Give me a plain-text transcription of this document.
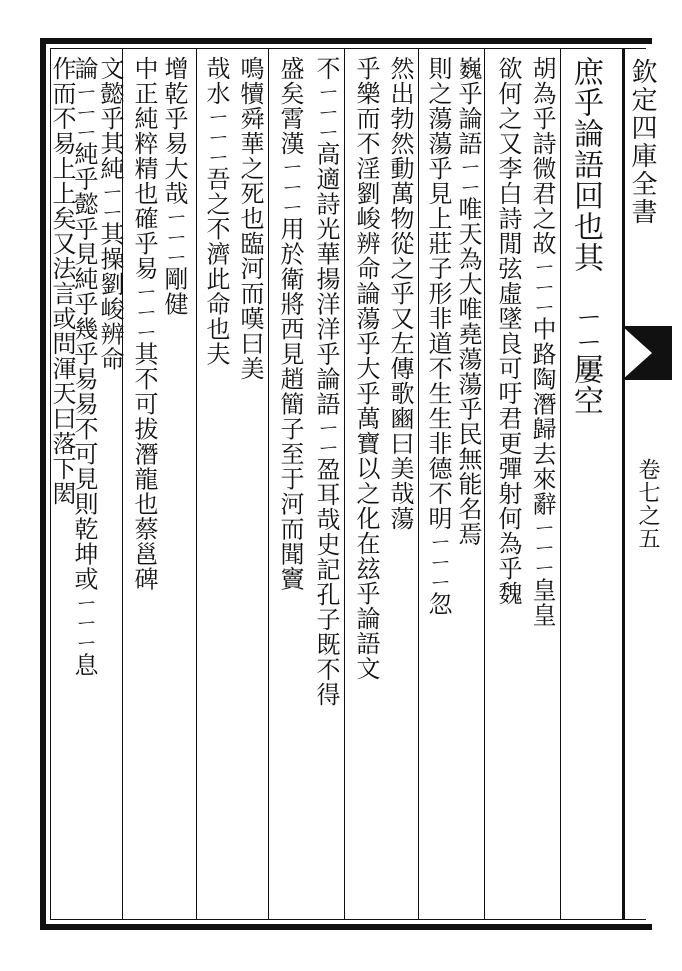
庶乎論語回也其　ㄧㄧ屢空
胡為乎詩微君之故ㄧㄧㄧ中路陶潛歸去來辭ㄧㄧㄧ皇皇
欲何之又李白詩閒弦虛墜良可吁君更彈射何為乎魏
巍乎論語ㄧㄧ唯天為大唯堯蕩蕩乎民無能名焉
則之蕩蕩乎見上莊子形非道不生生非德不明ㄧㄧㄧ忽
然出勃然動萬物從之乎又左傳歌豳曰美哉蕩
乎樂而不淫劉峻辨命論蕩乎大乎萬寶以之化在玆乎論語文
不ㄧㄧㄧ高適詩光華揚洋洋乎論語ㄧㄧ盈耳哉史記孔子既不得
盛矣霄漢ㄧㄧㄧ用於衛將西見趙簡子至于河而聞竇
鳴犢舜華之死也臨河而嘆曰美
哉水ㄧㄧㄧ吾之不濟此命也夫
增乾乎易大哉ㄧㄧㄧ剛健
中正純粹精也確乎易ㄧㄧㄧ其不可拔潛龍也蔡邕碑
文懿乎其純ㄧㄧ其操劉峻辨命
論ㄧㄧㄧ純乎懿乎見純乎幾乎易易不可見則乾坤或ㄧㄧㄧ息
作而不易上上矣又法言或問渾天曰落下閎	欽定四庫全書
卷七之五
